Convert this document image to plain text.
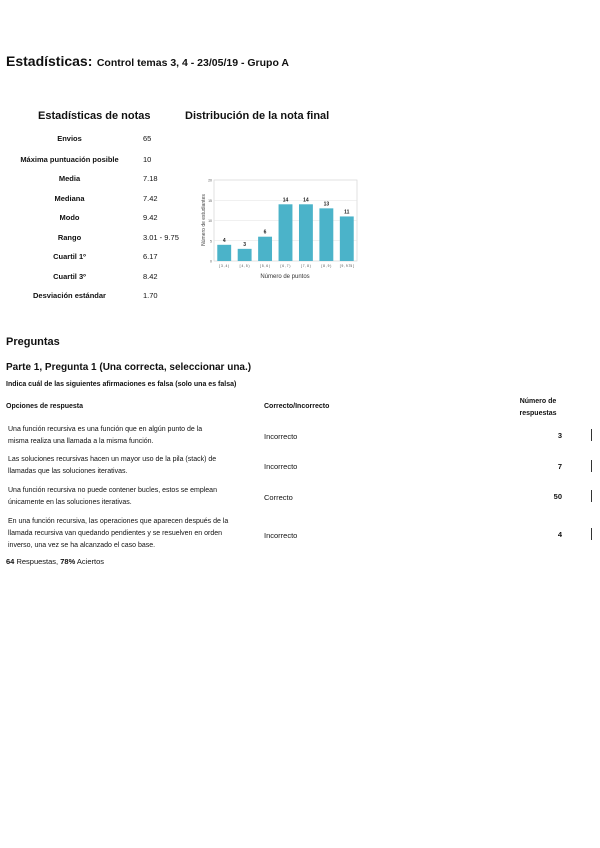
Estadísticas: Control temas 3, 4 - 23/05/19 - Grupo A
Estadísticas de notas	Distribución de la nota final
Envios	65
Máxima puntuación posible	10
Media	7.18
Mediana	7.42
Modo	9.42
Rango	3.01 - 9.75
Cuartil 1º	6.17
Cuartil 3º	8.42
Desviación estándar	1.70
0
5
10
15
20
4
[ 3 , 4 )
3
[ 4 , 5 )
6
[ 5 , 6 )
14
[ 6 , 7 )
14
[ 7 , 8 )
13
[ 8 , 9 )
11
[ 9 , 9.75 ]
Número de estudiantes
Número de puntos
Preguntas
Parte 1, Pregunta 1 (Una correcta, seleccionar una.)
Indica cuál de las siguientes afirmaciones es falsa (solo una es falsa)
Opciones de respuesta	Correcto/Incorrecto
Número de
respuestas
Una función recursiva es una función que en algún punto de la
misma realiza una llamada a la misma función.
Incorrecto	3
Las soluciones recursivas hacen un mayor uso de la pila (stack) de
llamadas que las soluciones iterativas.
Incorrecto	7
Una función recursiva no puede contener bucles, estos se emplean
únicamente en las soluciones iterativas.
Correcto	50
En una función recursiva, las operaciones que aparecen después de la
llamada recursiva van quedando pendientes y se resuelven en orden
inverso, una vez se ha alcanzado el caso base.
Incorrecto	4
64 Respuestas, 78% Aciertos
